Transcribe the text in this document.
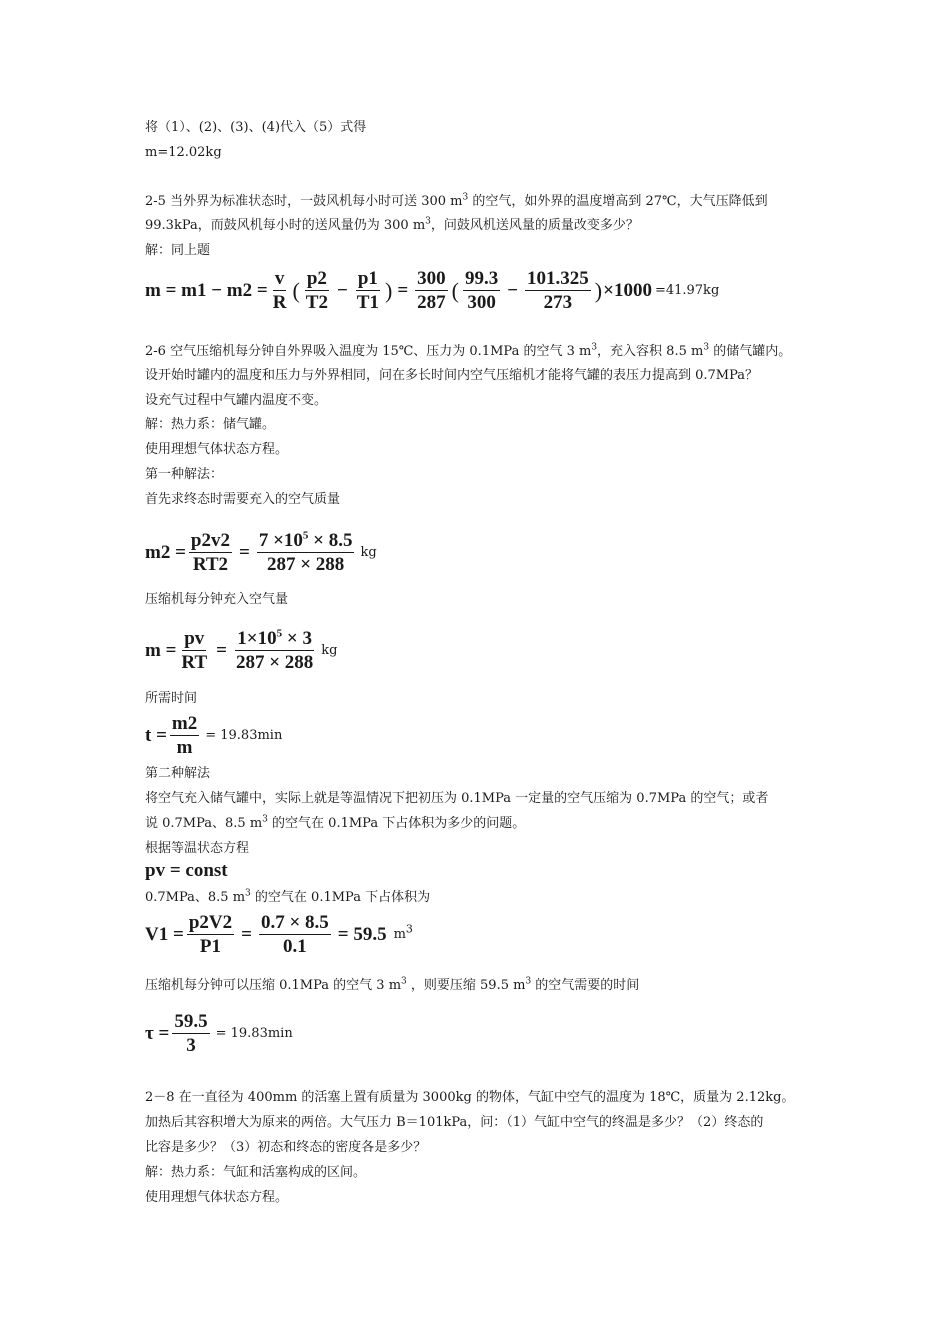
将（1）、(2)、(3)、(4)代入（5）式得
m=12.02kg
2-5 当外界为标准状态时，一鼓风机每小时可送 300 $m^3$ 的空气，如外界的温度增高到 27℃，大气压降低到
99.3kPa，而鼓风机每小时的送风量仍为 300 $m^3$，问鼓风机送风量的质量改变多少？
解：同上题
$m = m1 - m2 = \frac{v}{R}$ ( $\frac{p2}{T2} - \frac{p1}{T1}$ ) = $\frac{300}{287}$ ( $\frac{99.3}{300} - \frac{101.325}{273}$ ) ×1000 =41.97kg
2-6 空气压缩机每分钟自外界吸入温度为 15℃、压力为 0.1MPa 的空气 3 $m^3$，充入容积 8.5 $m^3$ 的储气罐内。
设开始时罐内的温度和压力与外界相同，问在多长时间内空气压缩机才能将气罐的表压力提高到 0.7MPa？
设充气过程中气罐内温度不变。
解：热力系：储气罐。
使用理想气体状态方程。
第一种解法：
首先求终态时需要充入的空气质量
$m2 = \frac{p2v2}{RT2} = \frac{7 \times 10^5 \times 8.5}{287 \times 288}$ kg
压缩机每分钟充入空气量
$m = \frac{pv}{RT} = \frac{1\times 10^5 \times 3}{287 \times 288}$ kg
所需时间
$t = \frac{m2}{m} = 19.83\min$
第二种解法
将空气充入储气罐中，实际上就是等温情况下把初压为 0.1MPa 一定量的空气压缩为 0.7MPa 的空气；或者
说 0.7MPa、8.5 $m^3$ 的空气在 0.1MPa 下占体积为多少的问题。
根据等温状态方程
pv = const
0.7MPa、8.5 $m^3$ 的空气在 0.1MPa 下占体积为
$V1 = \frac{p2V2}{P1} = \frac{0.7 \times 8.5}{0.1} = 59.5$ $m^3$
压缩机每分钟可以压缩 0.1MPa 的空气 3 $m^3$ ，则要压缩 59.5 $m^3$ 的空气需要的时间
$\tau = \frac{59.5}{3} = 19.83\min$
2－8 在一直径为 400mm 的活塞上置有质量为 3000kg 的物体，气缸中空气的温度为 18℃，质量为 2.12kg。
加热后其容积增大为原来的两倍。大气压力 B＝101kPa，问：（1）气缸中空气的终温是多少？（2）终态的
比容是多少？（3）初态和终态的密度各是多少？
解：热力系：气缸和活塞构成的区间。
使用理想气体状态方程。
